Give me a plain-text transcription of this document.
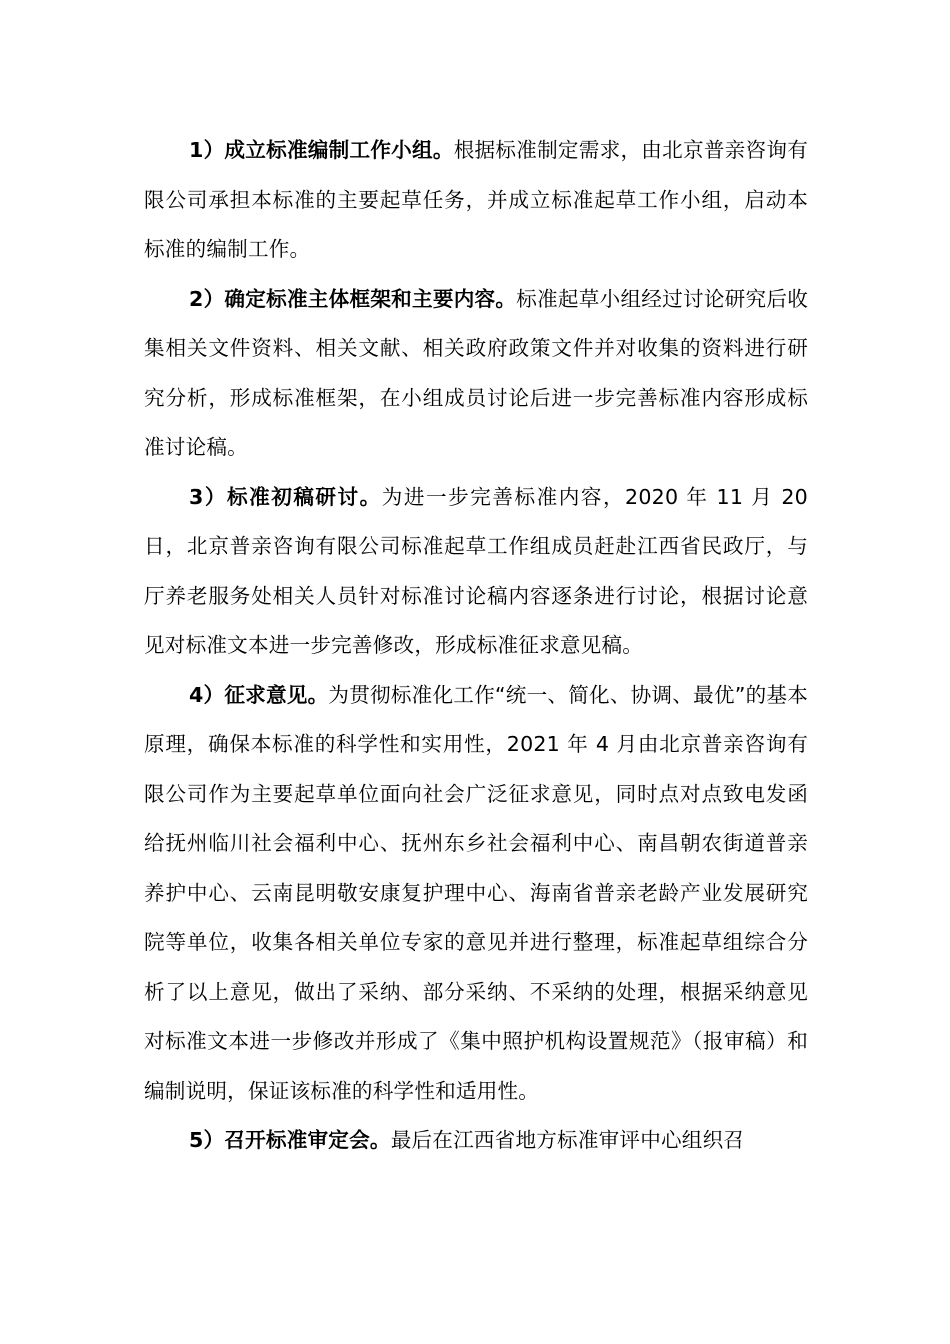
1）成立标准编制工作小组。根据标准制定需求，由北京普亲咨询有限公司承担本标准的主要起草任务，并成立标准起草工作小组，启动本标准的编制工作。

2）确定标准主体框架和主要内容。标准起草小组经过讨论研究后收集相关文件资料、相关文献、相关政府政策文件并对收集的资料进行研究分析，形成标准框架，在小组成员讨论后进一步完善标准内容形成标准讨论稿。

3）标准初稿研讨。为进一步完善标准内容，2020 年 11 月 20 日，北京普亲咨询有限公司标准起草工作组成员赶赴江西省民政厅，与厅养老服务处相关人员针对标准讨论稿内容逐条进行讨论，根据讨论意见对标准文本进一步完善修改，形成标准征求意见稿。

4）征求意见。为贯彻标准化工作“统一、简化、协调、最优”的基本原理，确保本标准的科学性和实用性，2021 年 4 月由北京普亲咨询有限公司作为主要起草单位面向社会广泛征求意见，同时点对点致电发函给抚州临川社会福利中心、抚州东乡社会福利中心、南昌朝农街道普亲养护中心、云南昆明敬安康复护理中心、海南省普亲老龄产业发展研究院等单位，收集各相关单位专家的意见并进行整理，标准起草组综合分析了以上意见，做出了采纳、部分采纳、不采纳的处理，根据采纳意见对标准文本进一步修改并形成了《集中照护机构设置规范》（报审稿）和编制说明，保证该标准的科学性和适用性。

5）召开标准审定会。最后在江西省地方标准审评中心组织召
